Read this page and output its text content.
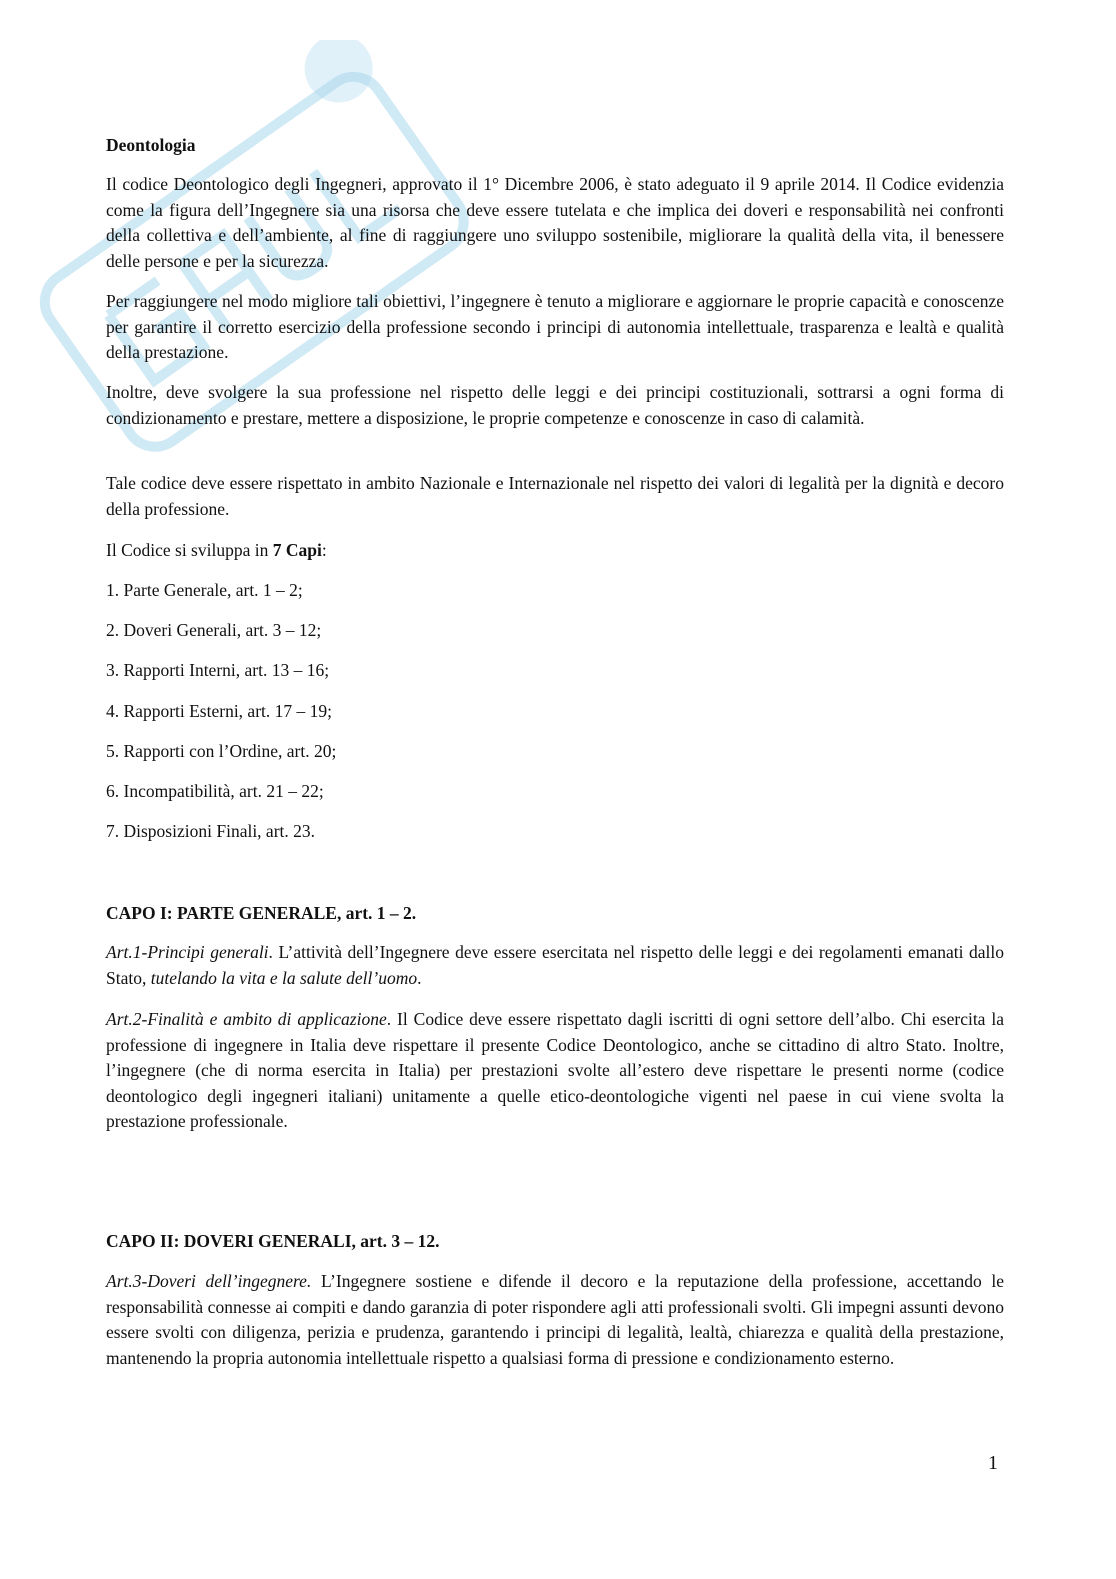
Deontologia

Il codice Deontologico degli Ingegneri, approvato il 1° Dicembre 2006, è stato adeguato il 9 aprile 2014. Il Codice evidenzia come la figura dell’Ingegnere sia una risorsa che deve essere tutelata e che implica dei doveri e responsabilità nei confronti della collettiva e dell’ambiente, al fine di raggiungere uno sviluppo sostenibile, migliorare la qualità della vita, il benessere delle persone e per la sicurezza.

Per raggiungere nel modo migliore tali obiettivi, l’ingegnere è tenuto a migliorare e aggiornare le proprie capacità e conoscenze per garantire il corretto esercizio della professione secondo i principi di autonomia intellettuale, trasparenza e lealtà e qualità della prestazione.

Inoltre, deve svolgere la sua professione nel rispetto delle leggi e dei principi costituzionali, sottrarsi a ogni forma di condizionamento e prestare, mettere a disposizione, le proprie competenze e conoscenze in caso di calamità.

Tale codice deve essere rispettato in ambito Nazionale e Internazionale nel rispetto dei valori di legalità per la dignità e decoro della professione.

Il Codice si sviluppa in 7 Capi:

1. Parte Generale, art. 1 – 2;

2. Doveri Generali, art. 3 – 12;

3. Rapporti Interni, art. 13 – 16;

4. Rapporti Esterni, art. 17 – 19;

5. Rapporti con l’Ordine, art. 20;

6. Incompatibilità, art. 21 – 22;

7. Disposizioni Finali, art. 23.

CAPO I: PARTE GENERALE, art. 1 – 2.

Art.1-Principi generali. L’attività dell’Ingegnere deve essere esercitata nel rispetto delle leggi e dei regolamenti emanati dallo Stato, tutelando la vita e la salute dell’uomo.

Art.2-Finalità e ambito di applicazione. Il Codice deve essere rispettato dagli iscritti di ogni settore dell’albo. Chi esercita la professione di ingegnere in Italia deve rispettare il presente Codice Deontologico, anche se cittadino di altro Stato. Inoltre, l’ingegnere (che di norma esercita in Italia) per prestazioni svolte all’estero deve rispettare le presenti norme (codice deontologico degli ingegneri italiani) unitamente a quelle etico-deontologiche vigenti nel paese in cui viene svolta la prestazione professionale.

CAPO II: DOVERI GENERALI, art. 3 – 12.

Art.3-Doveri dell’ingegnere. L’Ingegnere sostiene e difende il decoro e la reputazione della professione, accettando le responsabilità connesse ai compiti e dando garanzia di poter rispondere agli atti professionali svolti. Gli impegni assunti devono essere svolti con diligenza, perizia e prudenza, garantendo i principi di legalità, lealtà, chiarezza e qualità della prestazione, mantenendo la propria autonomia intellettuale rispetto a qualsiasi forma di pressione e condizionamento esterno.

1
